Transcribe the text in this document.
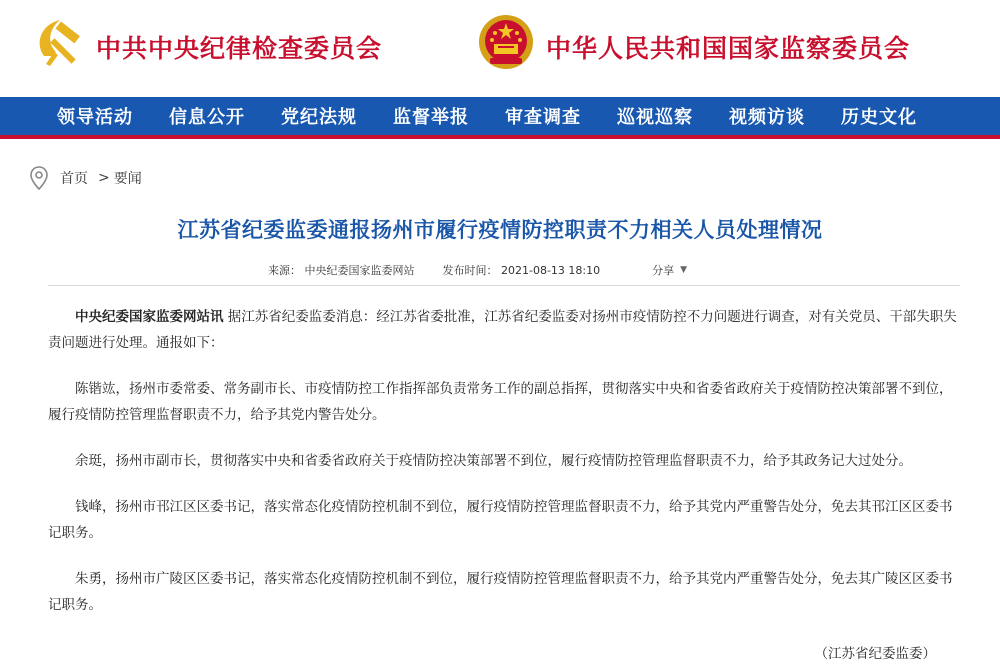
中共中央纪律检查委员会	中华人民共和国国家监察委员会
领导活动 信息公开 党纪法规 监督举报 审查调查 巡视巡察 视频访谈 历史文化
首页 > 要闻
江苏省纪委监委通报扬州市履行疫情防控职责不力相关人员处理情况
来源： 中央纪委国家监委网站	发布时间： 2021-08-13 18:10	分享 ▼

中央纪委国家监委网站讯 据江苏省纪委监委消息：经江苏省委批准，江苏省纪委监委对扬州市疫情防控不力问题进行调查，对有关党员、干部失职失责问题进行处理。通报如下：

陈锴竑，扬州市委常委、常务副市长、市疫情防控工作指挥部负责常务工作的副总指挥，贯彻落实中央和省委省政府关于疫情防控决策部署不到位，履行疫情防控管理监督职责不力，给予其党内警告处分。

余珽，扬州市副市长，贯彻落实中央和省委省政府关于疫情防控决策部署不到位，履行疫情防控管理监督职责不力，给予其政务记大过处分。

钱峰，扬州市邗江区区委书记，落实常态化疫情防控机制不到位，履行疫情防控管理监督职责不力，给予其党内严重警告处分，免去其邗江区区委书记职务。

朱勇，扬州市广陵区区委书记，落实常态化疫情防控机制不到位，履行疫情防控管理监督职责不力，给予其党内严重警告处分，免去其广陵区区委书记职务。

（江苏省纪委监委）
